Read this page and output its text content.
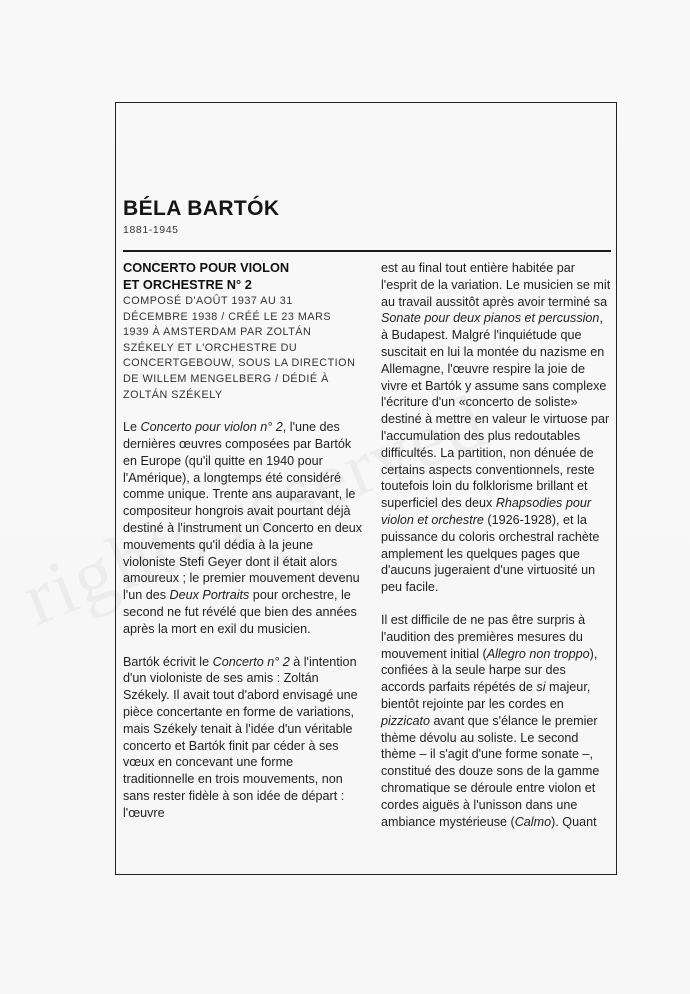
BÉLA BARTÓK
1881-1945
CONCERTO POUR VIOLON
ET ORCHESTRE N° 2
COMPOSÉ D'AOÛT 1937 AU 31
DÉCEMBRE 1938 / CRÉÉ LE 23 MARS
1939 À AMSTERDAM PAR ZOLTÁN
SZÉKELY ET L'ORCHESTRE DU
CONCERTGEBOUW, SOUS LA DIRECTION
DE WILLEM MENGELBERG / DÉDIÉ À
ZOLTÁN SZÉKELY

Le Concerto pour violon n° 2, l'une des dernières œuvres composées par Bartók en Europe (qu'il quitte en 1940 pour l'Amérique), a longtemps été considéré comme unique. Trente ans auparavant, le compositeur hongrois avait pourtant déjà destiné à l'instrument un Concerto en deux mouvements qu'il dédia à la jeune violoniste Stefi Geyer dont il était alors amoureux ; le premier mouvement devenu l'un des Deux Portraits pour orchestre, le second ne fut révélé que bien des années après la mort en exil du musicien.

Bartók écrivit le Concerto n° 2 à l'intention d'un violoniste de ses amis : Zoltán Székely. Il avait tout d'abord envisagé une pièce concertante en forme de variations, mais Székely tenait à l'idée d'un véritable concerto et Bartók finit par céder à ses vœux en concevant une forme traditionnelle en trois mouvements, non sans rester fidèle à son idée de départ : l'œuvre

est au final tout entière habitée par l'esprit de la variation. Le musicien se mit au travail aussitôt après avoir terminé sa Sonate pour deux pianos et percussion, à Budapest. Malgré l'inquiétude que suscitait en lui la montée du nazisme en Allemagne, l'œuvre respire la joie de vivre et Bartók y assume sans complexe l'écriture d'un «concerto de soliste» destiné à mettre en valeur le virtuose par l'accumulation des plus redoutables difficultés. La partition, non dénuée de certains aspects conventionnels, reste toutefois loin du folklorisme brillant et superficiel des deux Rhapsodies pour violon et orchestre (1926-1928), et la puissance du coloris orchestral rachète amplement les quelques pages que d'aucuns jugeraient d'une virtuosité un peu facile.

Il est difficile de ne pas être surpris à l'audition des premières mesures du mouvement initial (Allegro non troppo), confiées à la seule harpe sur des accords parfaits répétés de si majeur, bientôt rejointe par les cordes en pizzicato avant que s'élance le premier thème dévolu au soliste. Le second thème – il s'agit d'une forme sonate –, constitué des douze sons de la gamme chromatique se déroule entre violon et cordes aiguës à l'unisson dans une ambiance mystérieuse (Calmo). Quant
